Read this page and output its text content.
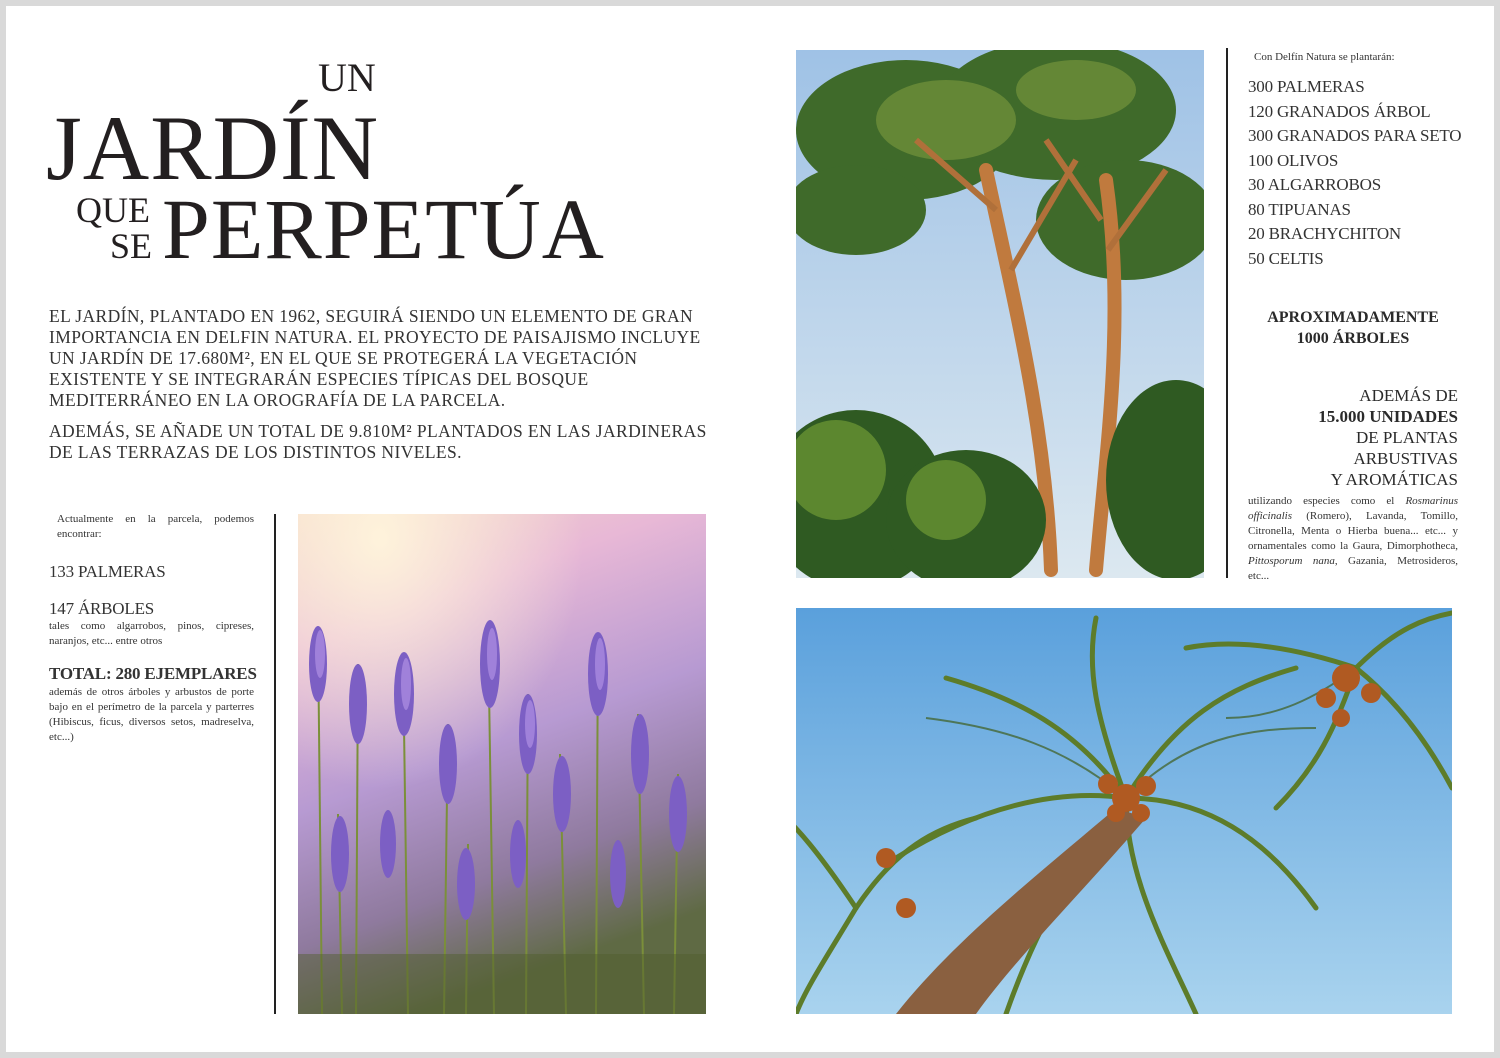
UN
JARDÍN
QUE
SE PERPETÚA

EL JARDÍN, PLANTADO EN 1962, SEGUIRÁ SIENDO UN ELEMENTO DE GRAN IMPORTANCIA EN DELFIN NATURA. EL PROYECTO DE PAISAJISMO INCLUYE UN JARDÍN DE 17.680M², EN EL QUE SE PROTEGERÁ LA VEGETACIÓN EXISTENTE Y SE INTEGRARÁN ESPECIES TÍPICAS DEL BOSQUE MEDITERRÁNEO EN LA OROGRAFÍA DE LA PARCELA.

ADEMÁS, SE AÑADE UN TOTAL DE 9.810M² PLANTADOS EN LAS JARDINERAS DE LAS TERRAZAS DE LOS DISTINTOS NIVELES.

Actualmente en la parcela, podemos encontrar:
133 PALMERAS
147 ÁRBOLES
tales como algarrobos, pinos, cipreses, naranjos, etc... entre otros
TOTAL: 280 EJEMPLARES
además de otros árboles y arbustos de porte bajo en el perímetro de la parcela y parterres (Hibiscus, ficus, diversos setos, madreselva, etc...)
Con Delfín Natura se plantarán:
300 PALMERAS
120 GRANADOS ÁRBOL
300 GRANADOS PARA SETO
100 OLIVOS
30 ALGARROBOS
80 TIPUANAS
20 BRACHYCHITON
50 CELTIS
APROXIMADAMENTE
1000 ÁRBOLES
ADEMÁS DE
15.000 UNIDADES
DE PLANTAS
ARBUSTIVAS
Y AROMÁTICAS
utilizando especies como el Rosmarinus officinalis (Romero), Lavanda, Tomillo, Citronella, Menta o Hierba buena... etc... y ornamentales como la Gaura, Dimorphotheca, Pittosporum nana, Gazania, Metrosideros, etc...
